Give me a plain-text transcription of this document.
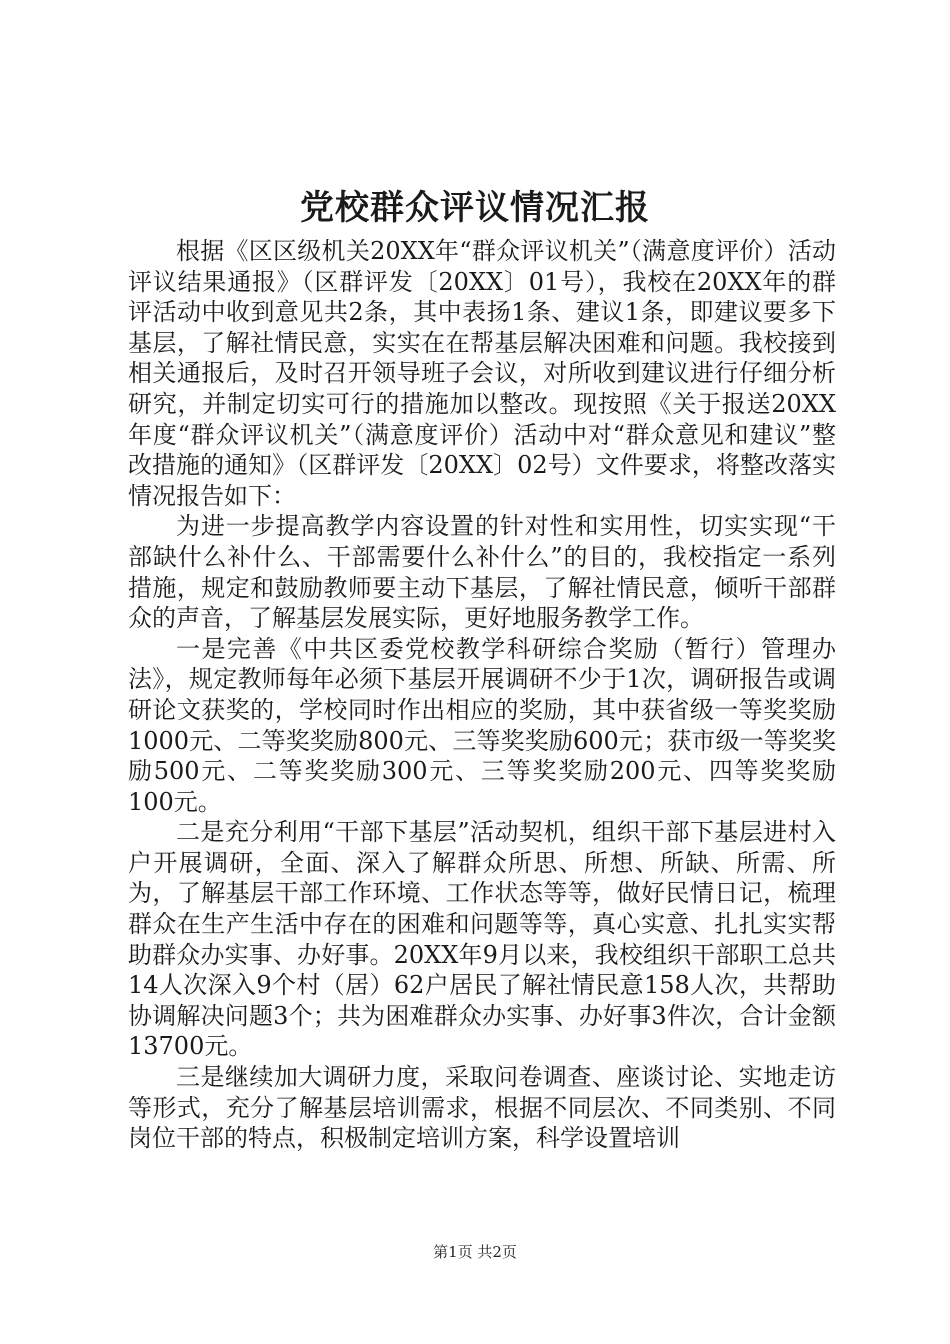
党校群众评议情况汇报

根据《区区级机关20XX年“群众评议机关”（满意度评价）活动评议结果通报》（区群评发〔20XX〕01号），我校在20XX年的群评活动中收到意见共2条，其中表扬1条、建议1条，即建议要多下基层，了解社情民意，实实在在帮基层解决困难和问题。我校接到相关通报后，及时召开领导班子会议，对所收到建议进行仔细分析研究，并制定切实可行的措施加以整改。现按照《关于报送20XX年度“群众评议机关”（满意度评价）活动中对“群众意见和建议”整改措施的通知》（区群评发〔20XX〕02号）文件要求，将整改落实情况报告如下：

为进一步提高教学内容设置的针对性和实用性，切实实现“干部缺什么补什么、干部需要什么补什么”的目的，我校指定一系列措施，规定和鼓励教师要主动下基层，了解社情民意，倾听干部群众的声音，了解基层发展实际，更好地服务教学工作。

一是完善《中共区委党校教学科研综合奖励（暂行）管理办法》，规定教师每年必须下基层开展调研不少于1次，调研报告或调研论文获奖的，学校同时作出相应的奖励，其中获省级一等奖奖励1000元、二等奖奖励800元、三等奖奖励600元；获市级一等奖奖励500元、二等奖奖励300元、三等奖奖励200元、四等奖奖励100元。

二是充分利用“干部下基层”活动契机，组织干部下基层进村入户开展调研，全面、深入了解群众所思、所想、所缺、所需、所为，了解基层干部工作环境、工作状态等等，做好民情日记，梳理群众在生产生活中存在的困难和问题等等，真心实意、扎扎实实帮助群众办实事、办好事。20XX年9月以来，我校组织干部职工总共14人次深入9个村（居）62户居民了解社情民意158人次，共帮助协调解决问题3个；共为困难群众办实事、办好事3件次，合计金额13700元。

三是继续加大调研力度，采取问卷调查、座谈讨论、实地走访等形式，充分了解基层培训需求，根据不同层次、不同类别、不同岗位干部的特点，积极制定培训方案，科学设置培训

第1页 共2页
